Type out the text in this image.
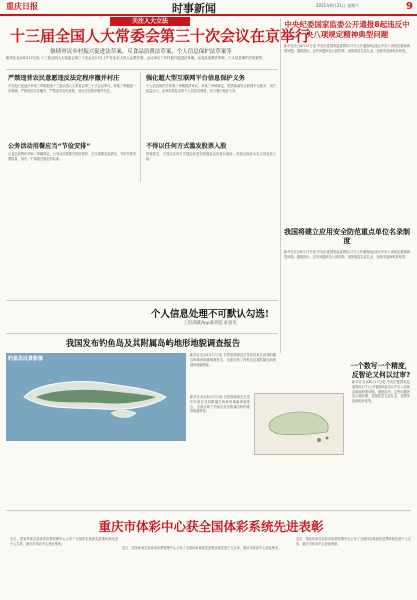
重庆日报	时事新闻	2021年8月21日 星期六	9
关注人大立法
十三届全国人大常委会第三十次会议在京举行
继续审议乡村振兴促进法草案、反食品浪费法草案、个人信息保护法草案等
新华社北京8月17日电 十三届全国人大常委会第三十次会议17日上午在北京人民大会堂开幕。会议审议了乡村振兴促进法草案、反食品浪费法草案、个人信息保护法草案等。
严禁违背农民意愿违反法定程序撤并村庄
乡村振兴促进法草案三审稿提请十三届全国人大常委会第三十次会议审议。草案三审稿进一步明确，严格规范村庄撤并，严禁违背农民意愿、违反法定程序撤并村庄。
强化超大型互联网平台信息保护义务
个人信息保护法草案三审稿提请审议。草案三审稿规定，提供基础性互联网平台服务、用户数量巨大、业务类型复杂的个人信息处理者，应当履行相应义务。
公务活动用餐应当“节俭安排”
反食品浪费法草案二审稿规定，公务活动需要安排用餐的，应当根据实际情况，节俭安排用餐数量、形式，不得超过规定的标准。
不得以任何方式滥发股票入股
草案规定，不得以任何方式强迫或者变相强迫农民进行流转，或者以流转为名占用农民土地。
中央纪委国家监委公开通报8起违反中央八项规定精神典型问题
新华社北京8月17日电 中央纪委国家监委网站17日公开通报8起违反中央八项规定精神典型问题。通报指出，这些问题涉及公款吃喝、违规收送礼品礼金、违规发放津贴补贴等。
我国将建立应用安全防范重点单位名录制度
新华社北京8月17日电 中央纪委国家监委网站17日公开通报8起违反中央八项规定精神典型问题。通报指出，这些问题涉及公款吃喝、违规收送礼品礼金、违规发放津贴补贴等。
个人信息处理不可默认勾选!
工信部就App新规征求意见
我国发布钓鱼岛及其附属岛屿地形地貌调查报告
钓鱼岛远景影像
新华社北京8月17日电 自然资源部近日发布钓鱼岛及其附属岛屿地形地貌调查报告，全面反映了钓鱼岛及其附属岛屿的地形地貌特征。
新华社北京8月17日电 自然资源部近日发布钓鱼岛及其附属岛屿地形地貌调查报告，全面反映了钓鱼岛及其附属岛屿的地形地貌特征。
一个数写一个精度，反智论又何以过审?
新华社北京8月17日电 中央纪委国家监委网站17日公开通报8起违反中央八项规定精神典型问题。通报指出，这些问题涉及公款吃喝、违规收送礼品礼金、违规发放津贴补贴等。
重庆市体彩中心获全国体彩系统先进表彰
近日，国家体育总局体育彩票管理中心公布了全国体彩系统先进集体和先进个人名单，重庆市体彩中心获此殊荣。
近日，国家体育总局体育彩票管理中心公布了全国体彩系统先进集体和先进个人名单，重庆市体彩中心获此殊荣。
近日，国家体育总局体育彩票管理中心公布了全国体彩系统先进集体和先进个人名单，重庆市体彩中心获此殊荣。
